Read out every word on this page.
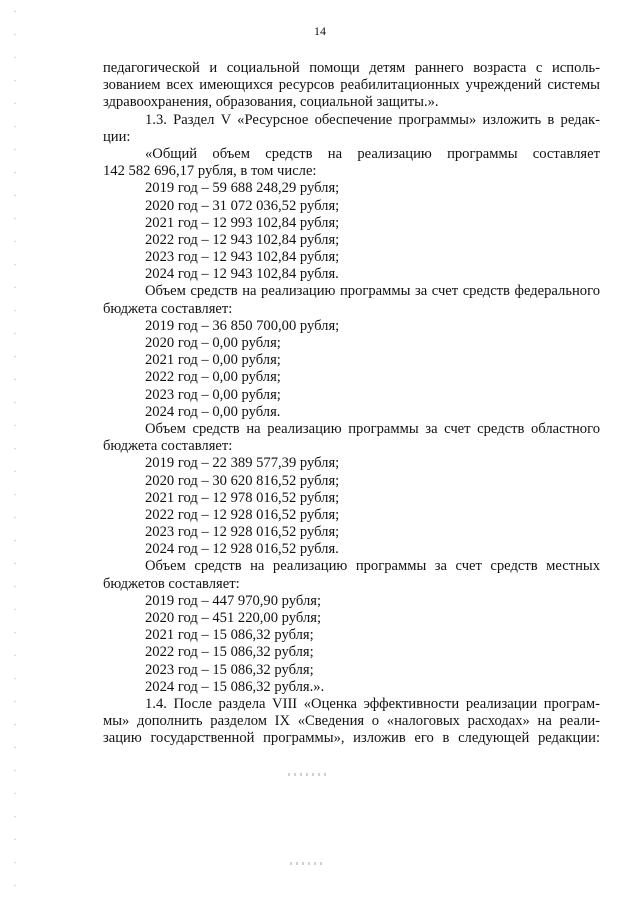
14
педагогической и социальной помощи детям раннего возраста с исполь-
зованием всех имеющихся ресурсов реабилитационных учреждений системы
здравоохранения, образования, социальной защиты.».
1.3. Раздел V «Ресурсное обеспечение программы» изложить в редак-
ции:
«Общий объем средств на реализацию программы составляет
142 582 696,17 рубля, в том числе:
2019 год – 59 688 248,29 рубля;
2020 год – 31 072 036,52 рубля;
2021 год – 12 993 102,84 рубля;
2022 год – 12 943 102,84 рубля;
2023 год – 12 943 102,84 рубля;
2024 год – 12 943 102,84 рубля.
Объем средств на реализацию программы за счет средств федерального
бюджета составляет:
2019 год – 36 850 700,00 рубля;
2020 год – 0,00 рубля;
2021 год – 0,00 рубля;
2022 год – 0,00 рубля;
2023 год – 0,00 рубля;
2024 год – 0,00 рубля.
Объем средств на реализацию программы за счет средств областного
бюджета составляет:
2019 год – 22 389 577,39 рубля;
2020 год – 30 620 816,52 рубля;
2021 год – 12 978 016,52 рубля;
2022 год – 12 928 016,52 рубля;
2023 год – 12 928 016,52 рубля;
2024 год – 12 928 016,52 рубля.
Объем средств на реализацию программы за счет средств местных
бюджетов составляет:
2019 год – 447 970,90 рубля;
2020 год – 451 220,00 рубля;
2021 год – 15 086,32 рубля;
2022 год – 15 086,32 рубля;
2023 год – 15 086,32 рубля;
2024 год – 15 086,32 рубля.».
1.4. После раздела VIII «Оценка эффективности реализации програм-
мы» дополнить разделом IX «Сведения о «налоговых расходах» на реали-
зацию государственной программы», изложив его в следующей редакции:
